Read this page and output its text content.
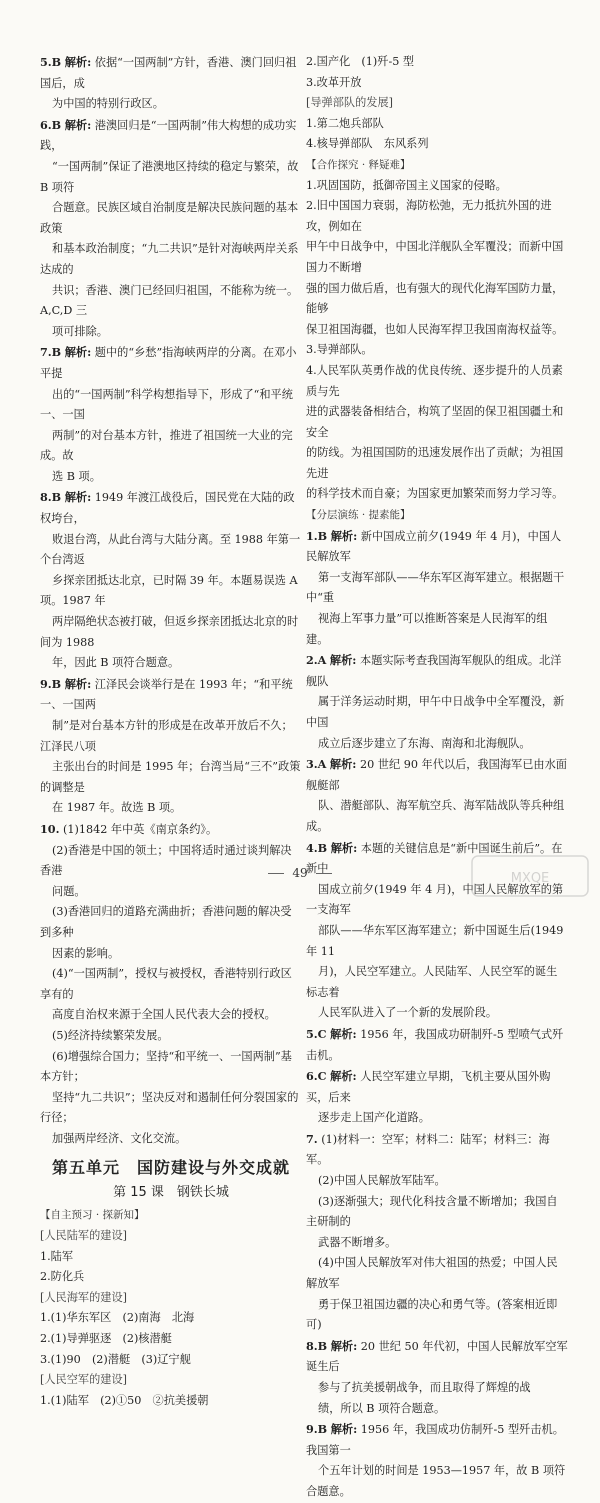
5.B 解析: 依据“一国两制”方针，香港、澳门回归祖国后，成
为中国的特别行政区。
6.B 解析: 港澳回归是“一国两制”伟大构想的成功实践，
“一国两制”保证了港澳地区持续的稳定与繁荣，故 B 项符
合题意。民族区域自治制度是解决民族问题的基本政策
和基本政治制度；“九二共识”是针对海峡两岸关系达成的
共识；香港、澳门已经回归祖国，不能称为统一。A,C,D 三
项可排除。
7.B 解析: 题中的“乡愁”指海峡两岸的分离。在邓小平提
出的“一国两制”科学构想指导下，形成了“和平统一、一国
两制”的对台基本方针，推进了祖国统一大业的完成。故
选 B 项。
8.B 解析: 1949 年渡江战役后，国民党在大陆的政权垮台，
败退台湾，从此台湾与大陆分离。至 1988 年第一个台湾返
乡探亲团抵达北京，已时隔 39 年。本题易误选 A 项。1987 年
两岸隔绝状态被打破，但返乡探亲团抵达北京的时间为 1988
年，因此 B 项符合题意。
9.B 解析: 江泽民会谈举行是在 1993 年；“和平统一、一国两
制”是对台基本方针的形成是在改革开放后不久；江泽民八项
主张出台的时间是 1995 年；台湾当局“三不”政策的调整是
在 1987 年。故选 B 项。
10. (1)1842 年中英《南京条约》。
(2)香港是中国的领土；中国将适时通过谈判解决香港
问题。
(3)香港回归的道路充满曲折；香港问题的解决受到多种
因素的影响。
(4)“一国两制”，授权与被授权，香港特别行政区享有的
高度自治权来源于全国人民代表大会的授权。
(5)经济持续繁荣发展。
(6)增强综合国力；坚持“和平统一、一国两制”基本方针；
坚持“九二共识”；坚决反对和遏制任何分裂国家的行径；
加强两岸经济、文化交流。
第五单元　国防建设与外交成就
第 15 课　钢铁长城
【自主预习 · 探新知】
[人民陆军的建设]
1.陆军
2.防化兵
[人民海军的建设]
1.(1)华东军区　(2)南海　北海
2.(1)导弹驱逐　(2)核潜艇
3.(1)90　(2)潜艇　(3)辽宁舰
[人民空军的建设]
1.(1)陆军　(2)①50　②抗美援朝
2.国产化　(1)歼-5 型
3.改革开放
[导弹部队的发展]
1.第二炮兵部队
4.核导弹部队　东风系列
【合作探究 · 释疑难】
1.巩固国防，抵御帝国主义国家的侵略。
2.旧中国国力衰弱，海防松弛，无力抵抗外国的进攻，例如在
甲午中日战争中，中国北洋舰队全军覆没；而新中国国力不断增
强的国力做后盾，也有强大的现代化海军国防力量，能够
保卫祖国海疆，也如人民海军捍卫我国南海权益等。
3.导弹部队。
4.人民军队英勇作战的优良传统、逐步提升的人员素质与先
进的武器装备相结合，构筑了坚固的保卫祖国疆土和安全
的防线。为祖国国防的迅速发展作出了贡献；为祖国先进
的科学技术而自豪；为国家更加繁荣而努力学习等。
【分层演练 · 提素能】
1.B 解析: 新中国成立前夕(1949 年 4 月)，中国人民解放军
第一支海军部队——华东军区海军建立。根据题干中“重
视海上军事力量”可以推断答案是人民海军的组建。
2.A 解析: 本题实际考查我国海军舰队的组成。北洋舰队
属于洋务运动时期，甲午中日战争中全军覆没，新中国
成立后逐步建立了东海、南海和北海舰队。
3.A 解析: 20 世纪 90 年代以后，我国海军已由水面舰艇部
队、潜艇部队、海军航空兵、海军陆战队等兵种组成。
4.B 解析: 本题的关键信息是“新中国诞生前后”。在新中
国成立前夕(1949 年 4 月)，中国人民解放军的第一支海军
部队——华东军区海军建立；新中国诞生后(1949 年 11
月)，人民空军建立。人民陆军、人民空军的诞生标志着
人民军队进入了一个新的发展阶段。
5.C 解析: 1956 年，我国成功研制歼-5 型喷气式歼击机。
6.C 解析: 人民空军建立早期，飞机主要从国外购买，后来
逐步走上国产化道路。
7. (1)材料一：空军；材料二：陆军；材料三：海军。
(2)中国人民解放军陆军。
(3)逐渐强大；现代化科技含量不断增加；我国自主研制的
武器不断增多。
(4)中国人民解放军对伟大祖国的热爱；中国人民解放军
勇于保卫祖国边疆的决心和勇气等。(答案相近即可)
8.B 解析: 20 世纪 50 年代初，中国人民解放军空军诞生后
参与了抗美援朝战争，而且取得了辉煌的战
绩，所以 B 项符合题意。
9.B 解析: 1956 年，我国成功仿制歼-5 型歼击机。我国第一
个五年计划的时间是 1953—1957 年，故 B 项符合题意。
49	MXQE
